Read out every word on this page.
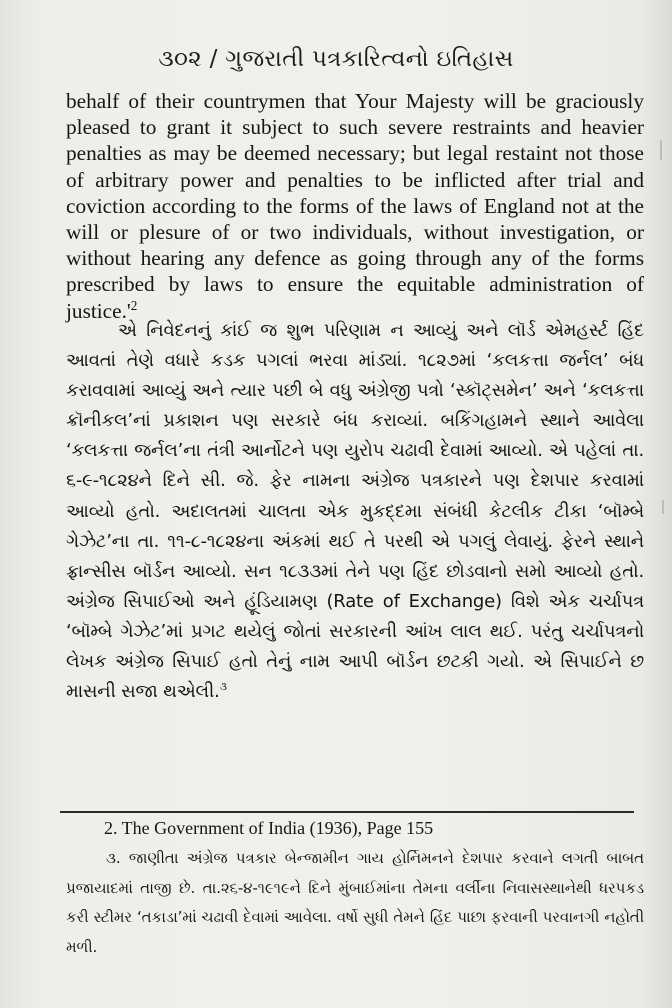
૩૦૨ / ગુજરાતી પત્રકારિત્વનો ઇતિહાસ

behalf of their countrymen that Your Majesty will be graciously pleased to grant it subject to such severe restraints and heavier penalties as may be deemed necessary; but legal restaint not those of arbitrary power and penalties to be inflicted after trial and coviction according to the forms of the laws of England not at the will or plesure of or two individuals, without investigation, or without hearing any defence as going through any of the forms prescribed by laws to ensure the equitable administration of $justice.'^2$

એ નિવેદનનું કાંઈ જ શુભ પરિણામ ન આવ્યું અને લૉર્ડ એમહર્સ્ટ હિંદ આવતાં તેણે વધારે કડક પગલાં ભરવા માંડ્યાં. ૧૮૨૭માં ‘કલકત્તા જર્નલ’ બંધ કરાવવામાં આવ્યું અને ત્યાર પછી બે વધુ અંગ્રેજી પત્રો ‘સ્કૉટ્સમેન’ અને ‘કલકત્તા ક્રૉનીકલ’નાં પ્રકાશન પણ સરકારે બંધ કરાવ્યાં. બકિંગહામને સ્થાને આવેલા ‘કલકત્તા જર્નલ’ના તંત્રી આર્નોટને પણ યુરોપ ચઢાવી દેવામાં આવ્યો. એ પહેલાં તા. ૬-૯-૧૮૨૪ને દિને સી. જે. ફેર નામના અંગ્રેજ પત્રકારને પણ દેશપાર કરવામાં આવ્યો હતો. અદાલતમાં ચાલતા એક મુકદ્દમા સંબંધી કેટલીક ટીકા ‘બૉમ્બે ગેઝેટ’ના તા. ૧૧-૮-૧૮૨૪ના અંકમાં થઈ તે પરથી એ પગલું લેવાયું. ફેરને સ્થાને ફ્રાન્સીસ બૉર્ડન આવ્યો. સન ૧૮૩૩માં તેને પણ હિંદ છોડવાનો સમો આવ્યો હતો. અંગ્રેજ સિપાઈઓ અને હૂંડિયામણ (Rate of Exchange) વિશે એક ચર્ચાપત્ર ‘બૉમ્બે ગેઝેટ’માં પ્રગટ થયેલું જોતાં સરકારની આંખ લાલ થઈ. પરંતુ ચર્ચાપત્રનો લેખક અંગ્રેજ સિપાઈ હતો તેનું નામ આપી બૉર્ડન છટકી ગયો. એ સિપાઈને છ માસની સજા થએલી.$^૩$

2. The Government of India (1936), Page 155

૩. જાણીતા અંગ્રેજ પત્રકાર બેન્જામીન ગાય હોર્નિમનને દેશપાર કરવાને લગતી બાબત પ્રજાયાદમાં તાજી છે. તા.૨૬-૪-૧૯૧૯ને દિને મુંબાઈમાંના તેમના વર્લીના નિવાસસ્થાનેથી ધરપકડ કરી સ્ટીમર ‘તકાડા’માં ચઢાવી દેવામાં આવેલા. વર્ષો સુધી તેમને હિંદ પાછા ફરવાની પરવાનગી નહોતી મળી.
